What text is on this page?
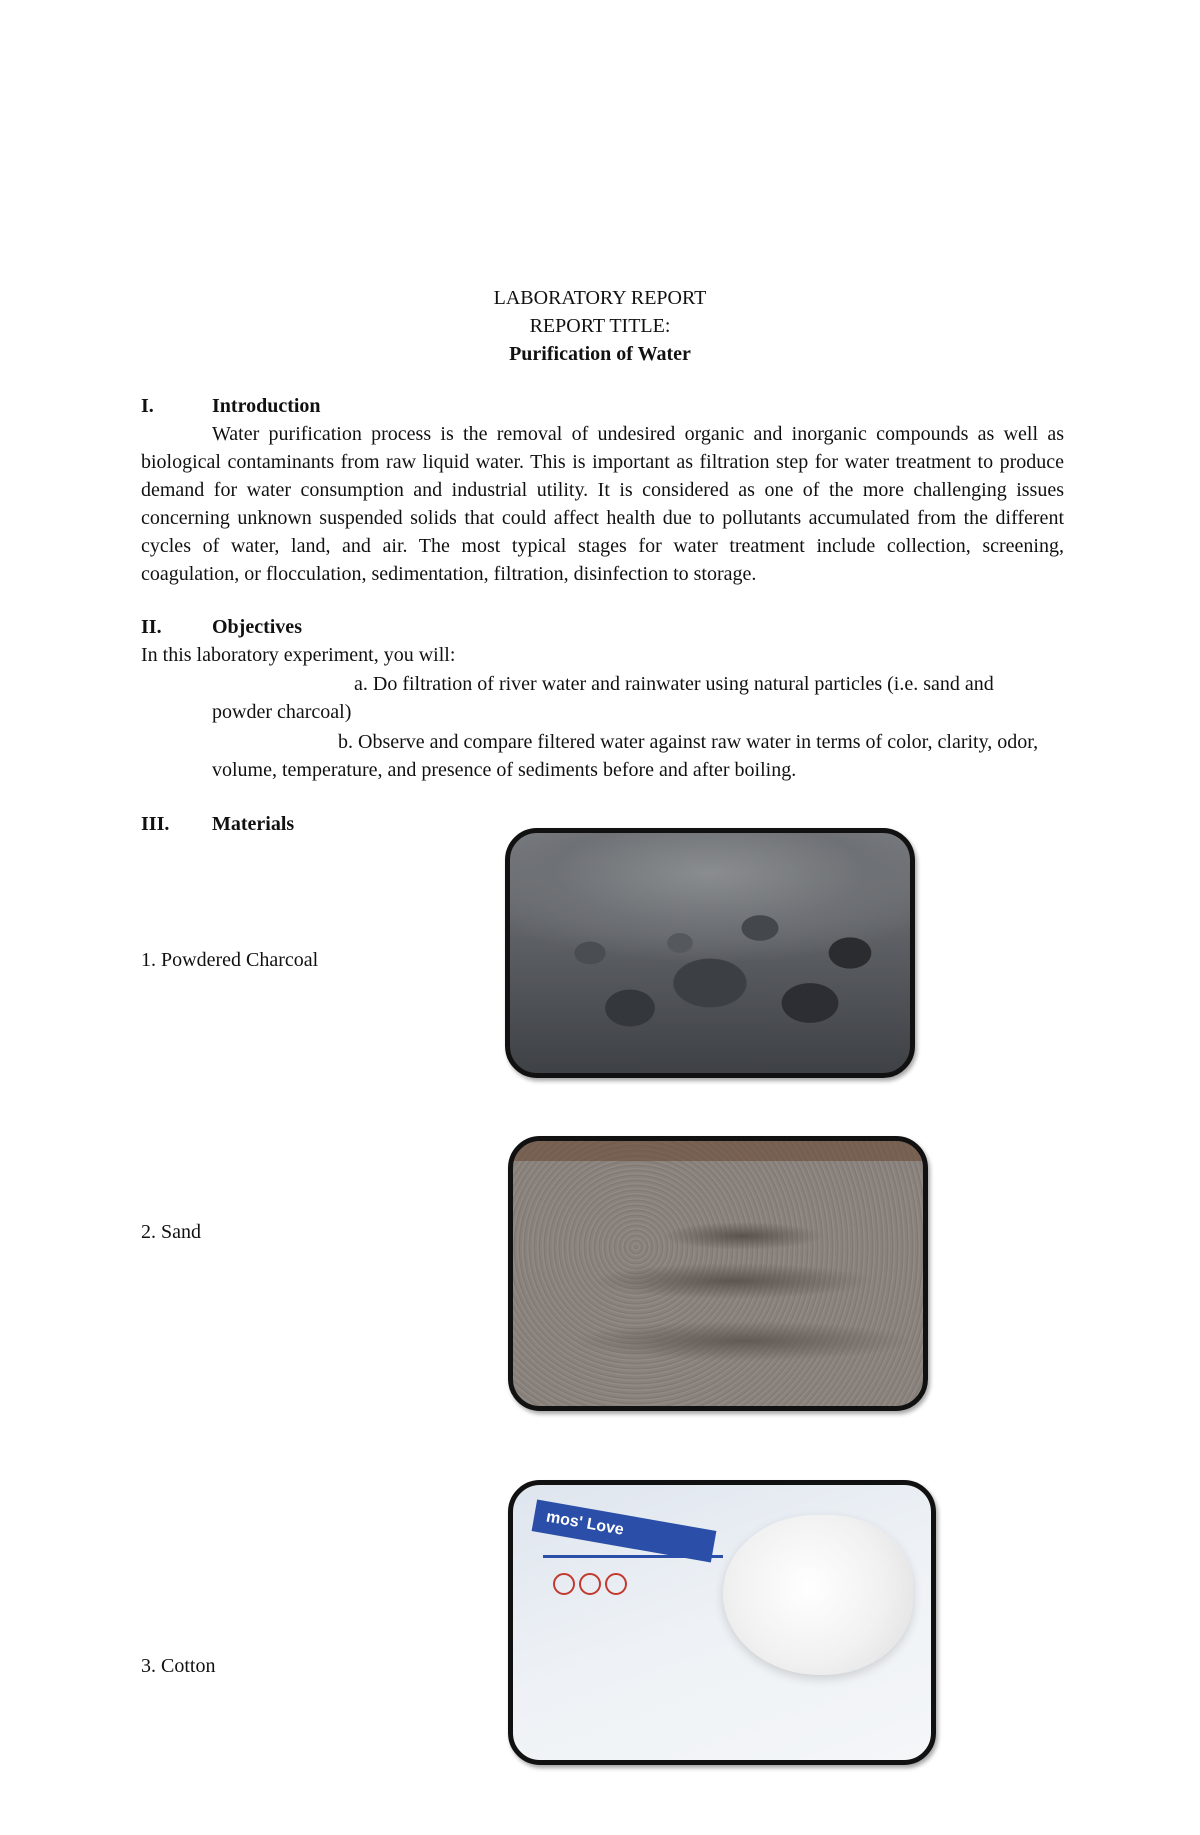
LABORATORY REPORT
REPORT TITLE:
Purification of Water
I.	Introduction
Water purification process is the removal of undesired organic and inorganic compounds as well as biological contaminants from raw liquid water. This is important as filtration step for water treatment to produce demand for water consumption and industrial utility. It is considered as one of the more challenging issues concerning unknown suspended solids that could affect health due to pollutants accumulated from the different cycles of water, land, and air. The most typical stages for water treatment include collection, screening, coagulation, or flocculation, sedimentation, filtration, disinfection to storage.
II.	Objectives
In this laboratory experiment, you will:
a. Do filtration of river water and rainwater using natural particles (i.e. sand and powder charcoal)
b. Observe and compare filtered water against raw water in terms of color, clarity, odor, volume, temperature, and presence of sediments before and after boiling.
III. Materials
1. Powdered Charcoal
2. Sand
3. Cotton
mos' Love
